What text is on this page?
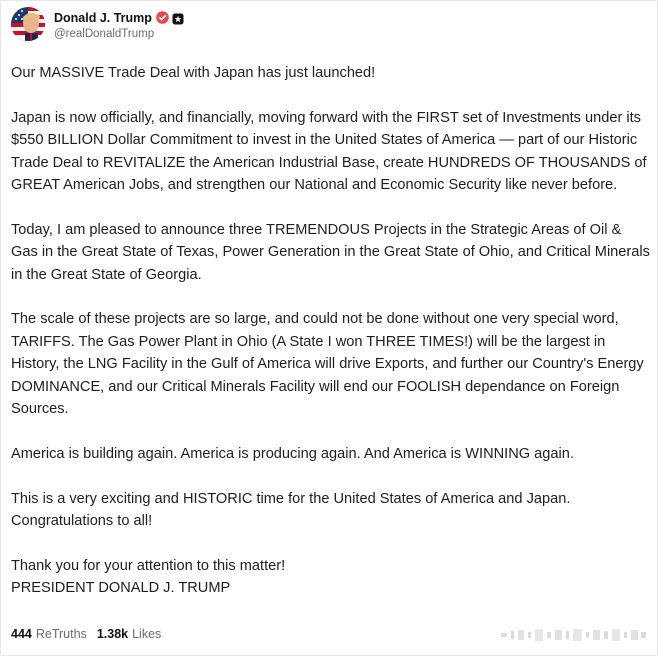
Donald J. Trump
@realDonaldTrump

Our MASSIVE Trade Deal with Japan has just launched!

Japan is now officially, and financially, moving forward with the FIRST set of Investments under its $550 BILLION Dollar Commitment to invest in the United States of America — part of our Historic Trade Deal to REVITALIZE the American Industrial Base, create HUNDREDS OF THOUSANDS of GREAT American Jobs, and strengthen our National and Economic Security like never before.

Today, I am pleased to announce three TREMENDOUS Projects in the Strategic Areas of Oil & Gas in the Great State of Texas, Power Generation in the Great State of Ohio, and Critical Minerals in the Great State of Georgia.

The scale of these projects are so large, and could not be done without one very special word, TARIFFS. The Gas Power Plant in Ohio (A State I won THREE TIMES!) will be the largest in History, the LNG Facility in the Gulf of America will drive Exports, and further our Country's Energy DOMINANCE, and our Critical Minerals Facility will end our FOOLISH dependance on Foreign Sources.

America is building again. America is producing again. And America is WINNING again.

This is a very exciting and HISTORIC time for the United States of America and Japan.
Congratulations to all!

Thank you for your attention to this matter!
PRESIDENT DONALD J. TRUMP

444 ReTruths 1.38k Likes
